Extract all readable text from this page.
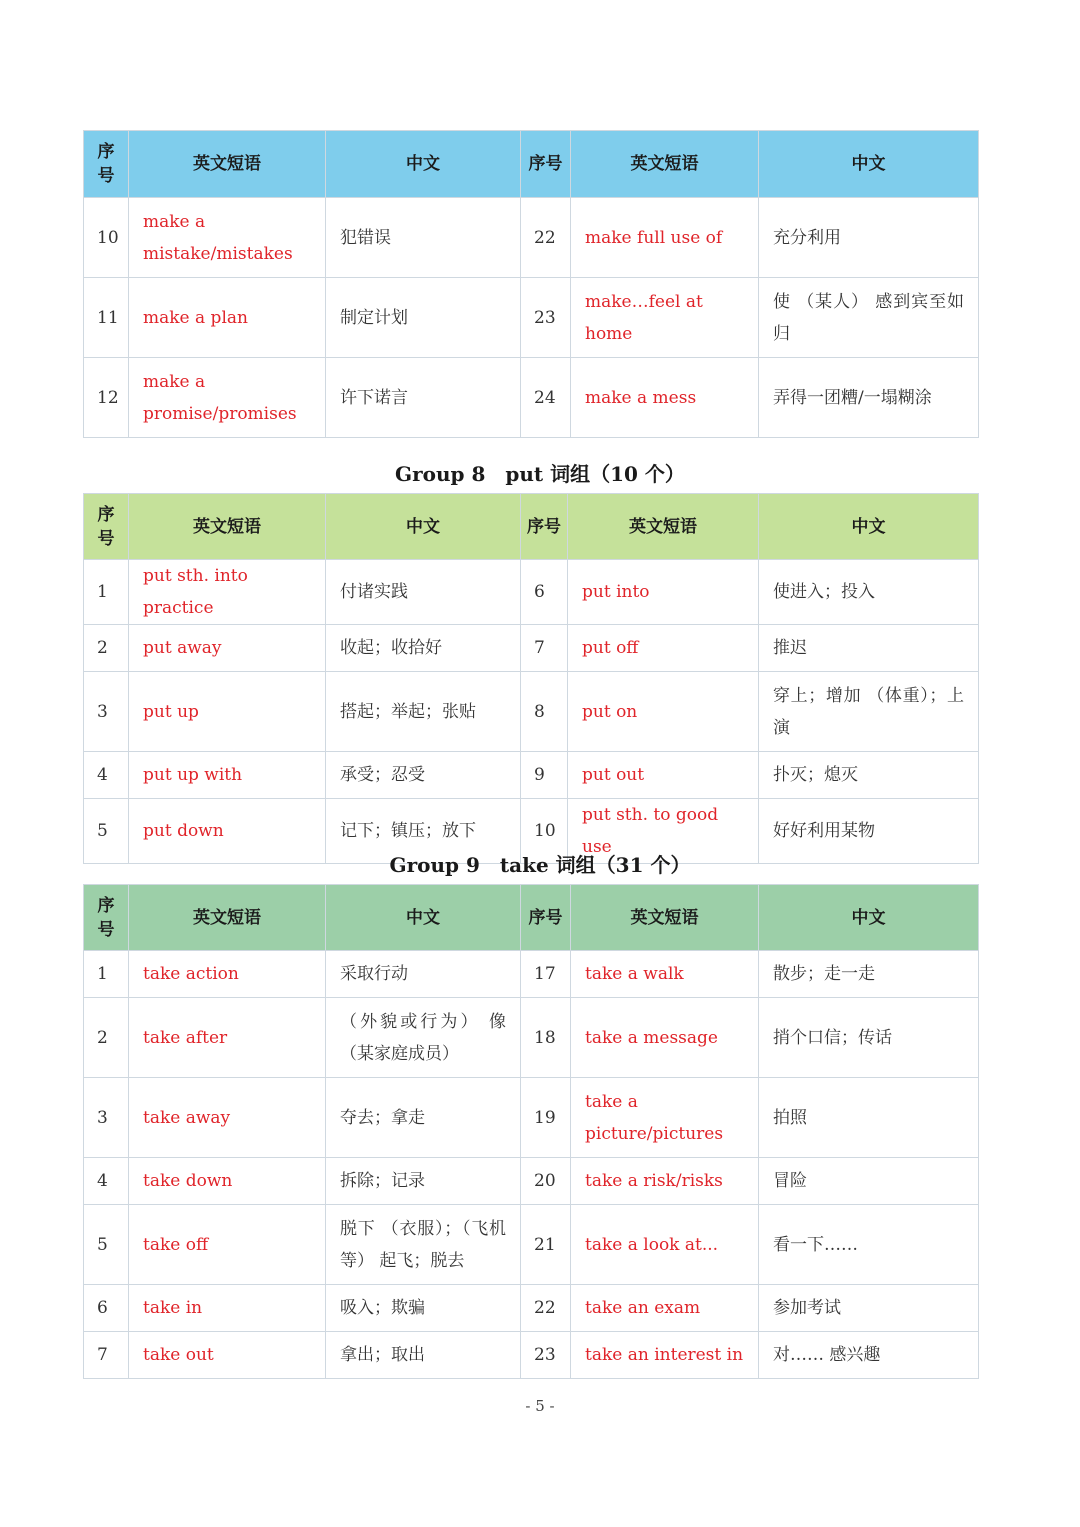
序号	英文短语	中文	序号	英文短语	中文
10	make a mistake/mistakes	犯错误	22	make full use of	充分利用
11	make a plan	制定计划	23	make…feel at home	使 （某人） 感到宾至如归
12	make a promise/promises	许下诺言	24	make a mess	弄得一团糟/一塌糊涂
Group 8　put 词组（10 个）
序号	英文短语	中文	序号	英文短语	中文
1	put sth. into practice	付诸实践	6	put into	使进入；投入
2	put away	收起；收拾好	7	put off	推迟
3	put up	搭起；举起；张贴	8	put on	穿上；增加 （体重）；上演
4	put up with	承受；忍受	9	put out	扑灭；熄灭
5	put down	记下；镇压；放下	10	put sth. to good use	好好利用某物
Group 9　take 词组（31 个）
序号	英文短语	中文	序号	英文短语	中文
1	take action	采取行动	17	take a walk	散步；走一走
2	take after	（外貌或行为） 像（某家庭成员）	18	take a message	捎个口信；传话
3	take away	夺去；拿走	19	take a picture/pictures	拍照
4	take down	拆除；记录	20	take a risk/risks	冒险
5	take off	脱下 （衣服）；（飞机等） 起飞；脱去	21	take a look at...	看一下……
6	take in	吸入；欺骗	22	take an exam	参加考试
7	take out	拿出；取出	23	take an interest in	对…… 感兴趣
- 5 -
